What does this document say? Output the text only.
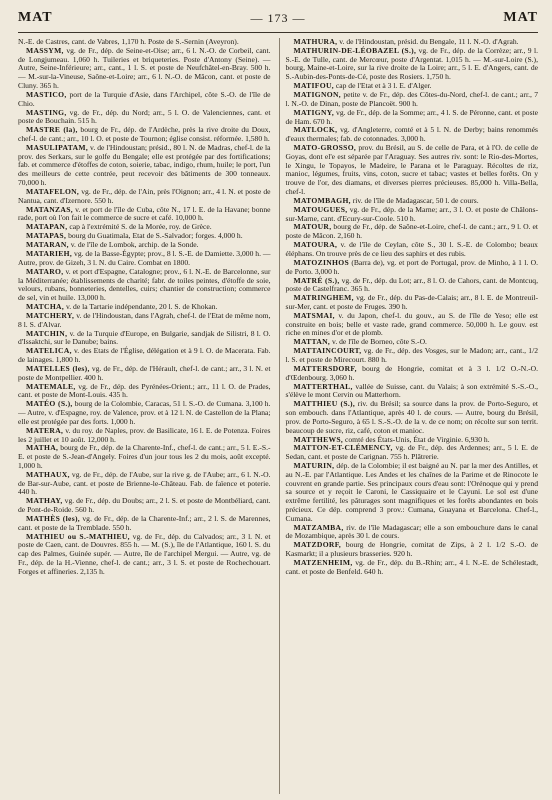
MAT	— 173 —	MAT

N.-E. de Castres, cant. de Vabres, 1,170 h. Poste de S.-Sernin (Aveyron).

MASSYM, vg. de Fr., dép. de Seine-et-Oise; arr., 6 l. N.-O. de Corbeil, cant. de Longjumeau. 1,060 h. Tuileries et briqueteries. Poste d'Antony (Seine). — Autre, Seine-Inférieure; arr., cant., 1 l. S. et poste de Neufchâtel-en-Bray. 500 h. — M.-sur-la-Vineuse, Saône-et-Loire; arr., 6 l. N.-O. de Mâcon, cant. et poste de Cluny. 365 h.

MASTICO, port de la Turquie d'Asie, dans l'Archipel, côte S.-O. de l'île de Chio.

MASTING, vg. de Fr., dép. du Nord; arr., 5 l. O. de Valenciennes, cant. et poste de Bouchain. 515 h.

MASTRE (la), bourg de Fr., dép. de l'Ardèche, près la rive droite du Doux, chef-l. de cant.; arr., 10 l. O. et poste de Tournon; église consist. réformée. 1,580 h.

MASULIPATAM, v. de l'Hindoustan; présid., 80 l. N. de Madras, chef-l. de la prov. des Serkars, sur le golfe du Bengale; elle est protégée par des fortifications; fab. et commerce d'étoffes de coton, soierie, tabac, indigo, rhum, huile; le port, l'un des meilleurs de cette contrée, peut recevoir des bâtiments de 300 tonneaux. 70,000 h.

MATAFELON, vg. de Fr., dép. de l'Ain, près l'Oignon; arr., 4 l. N. et poste de Nantua, cant. d'Izernore. 550 h.

MATANZAS, v. et port de l'île de Cuba, côte N., 17 l. E. de la Havane; bonne rade, port où l'on fait le commerce de sucre et café. 10,000 h.

MATAPAN, cap à l'extrémité S. de la Morée, roy. de Grèce.

MATAPAS, bourg du Guatimala, Etat de S.-Salvador; forges. 4,000 h.

MATARAN, v. de l'île de Lombok, archip. de la Sonde.

MATARIEH, vg. de la Basse-Égypte; prov., 8 l. S.-E. de Damiette. 3,000 h. — Autre, prov. de Gizeh, 3 l. N. du Caire. Combat en 1800.

MATARO, v. et port d'Espagne, Catalogne; prov., 6 l. N.-E. de Barcelonne, sur la Méditerranée; établissements de charité; fabr. de toiles peintes, d'étoffe de soie, velours, rubans, bonneteries, dentelles, cuirs; chantier de construction; commerce de sel, vin et huile. 13,000 h.

MATCHA, v. de la Tartarie indépendante, 20 l. S. de Khokan.

MATCHERY, v. de l'Hindoustan, dans l'Agrah, chef-l. de l'Etat de même nom, 8 l. S. d'Alvar.

MATCHIN, v. de la Turquie d'Europe, en Bulgarie, sandjak de Silistri, 8 l. O. d'Issaktchi, sur le Danube; bains.

MATELICA, v. des Etats de l'Église, délégation et à 9 l. O. de Macerata. Fab. de lainages. 1,800 h.

MATELLES (les), vg. de Fr., dép. de l'Hérault, chef-l. de cant.; arr., 3 l. N. et poste de Montpellier. 400 h.

MATEMALE, vg. de Fr., dép. des Pyrénées-Orient.; arr., 11 l. O. de Prades, cant. et poste de Mont-Louis. 435 h.

MATÉO (S.), bourg de la Colombie, Caracas, 51 l. S.-O. de Cumana. 3,100 h. — Autre, v. d'Espagne, roy. de Valence, prov. et à 12 l. N. de Castellon de la Plana; elle est protégée par des forts. 1,000 h.

MATERA, v. du roy. de Naples, prov. de Basilicate, 16 l. E. de Potenza. Foires les 2 juillet et 10 août. 12,000 h.

MATHA, bourg de Fr., dép. de la Charente-Inf., chef-l. de cant.; arr., 5 l. E.-S.-E. et poste de S.-Jean-d'Angely. Foires d'un jour tous les 2 du mois, août excepté. 1,000 h.

MATHAUX, vg. de Fr., dép. de l'Aube, sur la rive g. de l'Aube; arr., 6 l. N.-O. de Bar-sur-Aube, cant. et poste de Brienne-le-Château. Fab. de faïence et poterie. 440 h.

MATHAY, vg. de Fr., dép. du Doubs; arr., 2 l. S. et poste de Montbéliard, cant. de Pont-de-Roide. 560 h.

MATHÈS (les), vg. de Fr., dép. de la Charente-Inf.; arr., 2 l. S. de Marennes, cant. et poste de la Tremblade. 550 h.

MATHIEU ou S.-MATHIEU, vg. de Fr., dép. du Calvados; arr., 3 l. N. et poste de Caen, cant. de Douvres. 855 h. — M. (S.), île de l'Atlantique, 160 l. S. du cap des Palmes, Guinée supér. — Autre, île de l'archipel Mergui. — Autre, vg. de Fr., dép. de la H.-Vienne, chef-l. de cant.; arr., 3 l. S. et poste de Rochechouart. Forges et affineries. 2,135 h.

MATHURA, v. de l'Hindoustan, présid. du Bengale, 11 l. N.-O. d'Agrah.

MATHURIN-DE-LÉOBAZEL (S.), vg. de Fr., dép. de la Corrèze; arr., 9 l. S.-E. de Tulle, cant. de Mercœur, poste d'Argentat. 1,015 h. — M.-sur-Loire (S.), bourg, Maine-et-Loire, sur la rive droite de la Loire; arr., 5 l. E. d'Angers, cant. de S.-Aubin-des-Ponts-de-Cé, poste des Rosiers. 1,750 h.

MATIFOU, cap de l'Etat et à 3 l. E. d'Alger.

MATIGNON, petite v. de Fr., dép. des Côtes-du-Nord, chef-l. de cant.; arr., 7 l. N.-O. de Dinan, poste de Plancoët. 900 h.

MATIGNY, vg. de Fr., dép. de la Somme; arr., 4 l. S. de Péronne, cant. et poste de Ham. 670 h.

MATLOCK, vg. d'Angleterre, comté et à 5 l. N. de Derby; bains renommés d'eaux thermales; fab. de cotonnades. 3,000 h.

MATO-GROSSO, prov. du Brésil, au S. de celle de Para, et à l'O. de celle de Goyas, dont el'e est séparée par l'Araguay. Ses autres riv. sont: le Rio-des-Mortes, le Xingu, le Topayos, le Madeire, le Parana et le Paraguay. Récoltes de riz, manioc, légumes, fruits, vins, coton, sucre et tabac; vastes et belles forêts. On y trouve de l'or, des diamans, et diverses pierres précieuses. 85,000 h. Villa-Bella, chef-l.

MATOMBAGH, riv. de l'île de Madagascar, 50 l. de cours.

MATOUGUES, vg. de Fr., dép. de la Marne; arr., 3 l. O. et poste de Châlons-sur-Marne, cant. d'Ecury-sur-Coole. 510 h.

MATOUR, bourg de Fr., dép. de Saône-et-Loire, chef-l. de cant.; arr., 9 l. O. et poste de Mâcon. 2,160 h.

MATOURA, v. de l'île de Ceylan, côte S., 30 l. S.-E. de Colombo; beaux éléphans. On trouve près de ce lieu des saphirs et des rubis.

MATOZINHOS (Barra de), vg. et port de Portugal, prov. de Minho, à 1 l. O. de Porto. 3,000 h.

MATRÉ (S.), vg. de Fr., dép. du Lot; arr., 8 l. O. de Cahors, cant. de Montcuq, poste de Castelfranc. 365 h.

MATRINGHEM, vg. de Fr., dép. du Pas-de-Calais; arr., 8 l. E. de Montreuil-sur-Mer, cant. et poste de Fruges. 390 h.

MATSMAI, v. du Japon, chef-l. du gouv., au S. de l'île de Yeso; elle est construite en bois; belle et vaste rade, grand commerce. 50,000 h. Le gouv. est riche en mines d'or et de plomb.

MATTAN, v. de l'île de Borneo, côte S.-O.

MATTAINCOURT, vg. de Fr., dép. des Vosges, sur le Madon; arr., cant., 1/2 l. S. et poste de Mirecourt. 880 h.

MATTERSDORF, bourg de Hongrie, comitat et à 3 l. 1/2 O.-N.-O. d'Œdenbourg. 3,060 h.

MATTERTHAL, vallée de Suisse, cant. du Valais; à son extrémité S.-S.-O., s'élève le mont Cervin ou Matterhorn.

MATTHIEU (S.), riv. du Brésil; sa source dans la prov. de Porto-Seguro, et son embouch. dans l'Atlantique, après 40 l. de cours. — Autre, bourg du Brésil, prov. de Porto-Seguro, à 65 l. S.-S.-O. de la v. de ce nom; on récolte sur son territ. beaucoup de sucre, riz, café, coton et manioc.

MATTHEWS, comté des États-Unis, État de Virginie. 6,930 h.

MATTON-ET-CLÉMENCY, vg. de Fr., dép. des Ardennes; arr., 5 l. E. de Sedan, cant. et poste de Carignan. 755 h. Plâtrerie.

MATURIN, dép. de la Colombie; il est baigné au N. par la mer des Antilles, et au N.-E. par l'Atlantique. Les Andes et les chaînes de la Parime et de Rinocote le couvrent en grande partie. Ses principaux cours d'eau sont: l'Orénoque qui y prend sa source et y reçoit le Caroni, le Cassiquaire et le Cayuni. Le sol est d'une extrême fertilité, les pâturages sont magnifiques et les forêts abondantes en bois précieux. Ce dép. comprend 3 prov.: Cumana, Guayana et Barcelona. Chef-l., Cumana.

MATZAMBA, riv. de l'île Madagascar; elle a son embouchure dans le canal de Mozambique, après 30 l. de cours.

MATZDORF, bourg de Hongrie, comitat de Zips, à 2 l. 1/2 S.-O. de Kasmarkt; il a plusieurs brasseries. 920 h.

MATZENHEIM, vg. de Fr., dép. du B.-Rhin; arr., 4 l. N.-E. de Schélestadt, cant. et poste de Benfeld. 640 h.
